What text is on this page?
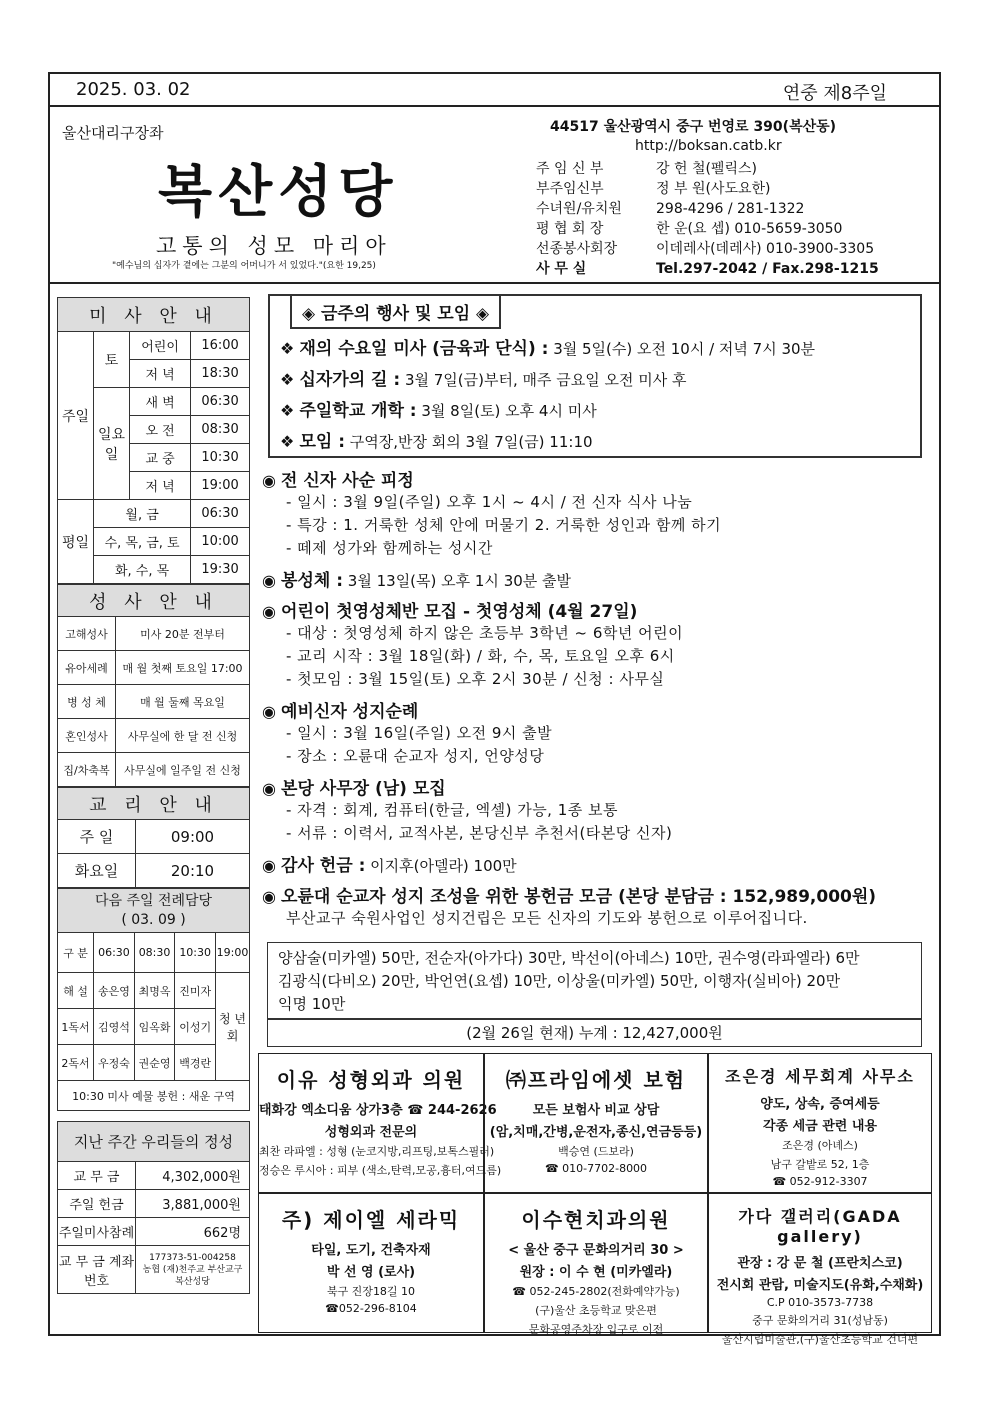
2025. 03. 02	연중 제8주일
울산대리구장좌
복산성당
고통의 성모 마리아
"예수님의 십자가 곁에는 그분의 어머니가 서 있었다."(요한 19,25)
44517 울산광역시 중구 번영로 390(복산동)
http://boksan.catb.kr
주 임 신 부	강 헌 철(펠릭스)
부주임신부	정 부 원(사도요한)
수녀원/유치원 298-4296 / 281-1322
평 협 회 장	한 운(요 셉) 010-5659-3050
선종봉사회장	이데레사(데레사) 010-3900-3305
사 무 실	Tel.297-2042 / Fax.298-1215
미 사 안 내			
주일	토	어린이	16:00
		저 녁	18:30
	일요일	새 벽	06:30
		오 전	08:30
		교 중	10:30
		저 녁	19:00
평일	월, 금		06:30
	수, 목, 금, 토		10:00
	화, 수, 목		19:30
성 사 안 내	
고해성사	미사 20분 전부터
유아세례	매 월 첫째 토요일 17:00
병 성 체	매 월 둘째 목요일
혼인성사	사무실에 한 달 전 신청
집/차축복	사무실에 일주일 전 신청
교 리 안 내	
주 일	09:00
화요일	20:10
다음 주일 전례담당
( 03. 09 )				

구 분	06:30	08:30	10:30	19:00
해 설	송은영	최명옥	진미자	청 년 회
1독서	김영석	임옥화	이성기	
2독서	우정숙	권순영	백경란	
10:30 미사 예물 봉헌 : 새운 구역				
지난 주간 우리들의 정성	
교 무 금	4,302,000원
주일 헌금	3,881,000원
주일미사참례	662명
교 무 금 계좌번호	177373-51-004258
농협 (재)천주교 부산교구
복산성당
◈ 금주의 행사 및 모임 ◈
❖ 재의 수요일 미사 (금육과 단식) : 3월 5일(수) 오전 10시 / 저녁 7시 30분
❖ 십자가의 길 : 3월 7일(금)부터, 매주 금요일 오전 미사 후
❖ 주일학교 개학 : 3월 8일(토) 오후 4시 미사
❖ 모임 : 구역장,반장 회의 3월 7일(금) 11:10
◉ 전 신자 사순 피정
- 일시 : 3월 9일(주일) 오후 1시 ~ 4시 / 전 신자 식사 나눔
- 특강 : 1. 거룩한 성체 안에 머물기 2. 거룩한 성인과 함께 하기
- 떼제 성가와 함께하는 성시간
◉ 봉성체 : 3월 13일(목) 오후 1시 30분 출발
◉ 어린이 첫영성체반 모집 - 첫영성체 (4월 27일)
- 대상 : 첫영성체 하지 않은 초등부 3학년 ~ 6학년 어린이
- 교리 시작 : 3월 18일(화) / 화, 수, 목, 토요일 오후 6시
- 첫모임 : 3월 15일(토) 오후 2시 30분 / 신청 : 사무실
◉ 예비신자 성지순례
- 일시 : 3월 16일(주일) 오전 9시 출발
- 장소 : 오륜대 순교자 성지, 언양성당
◉ 본당 사무장 (남) 모집
- 자격 : 회계, 컴퓨터(한글, 엑셀) 가능, 1종 보통
- 서류 : 이력서, 교적사본, 본당신부 추천서(타본당 신자)
◉ 감사 헌금 : 이지후(아델라) 100만
◉ 오륜대 순교자 성지 조성을 위한 봉헌금 모금 (본당 분담금 : 152,989,000원)
부산교구 숙원사업인 성지건립은 모든 신자의 기도와 봉헌으로 이루어집니다.
양삼술(미카엘) 50만, 전순자(아가다) 30만, 박선이(아네스) 10만, 권수영(라파엘라) 6만
김광식(다비오) 20만, 박언연(요셉) 10만, 이상울(미카엘) 50만, 이행자(실비아) 20만
익명 10만
(2월 26일 현재) 누계 : 12,427,000원
이유 성형외과 의원
태화강 엑소디움 상가3층 ☎ 244-2626
성형외과 전문의
최찬 라파엘 : 성형 (눈코지방,리프팅,보톡스필러)
정승은 루시아 : 피부 (색소,탄력,모공,흉터,여드름)
㈜프라임에셋 보험
모든 보험사 비교 상담
(암,치매,간병,운전자,종신,연금등등)
백승연 (드보라)
☎ 010-7702-8000
조은경 세무회계 사무소
양도, 상속, 증여세등
각종 세금 관련 내용
조은경 (아녜스)
남구 갈밭로 52, 1층
☎ 052-912-3307
주) 제이엘 세라믹
타일, 도기, 건축자재
박 선 영 (로사)
북구 진장18길 10
☎052-296-8104
이수현치과의원
< 울산 중구 문화의거리 30 >
원장 : 이 수 현 (미카엘라)
☎ 052-245-2802(전화예약가능)
(구)울산 초등학교 맞은편
문화공영주차장 입구로 이전
가다 갤러리(GADA gallery)
관장 : 강 문 철 (프란치스코)
전시회 관람, 미술지도(유화,수채화)
C.P 010-3573-7738
중구 문화의거리 31(성남동)
울산시립미술관,(구)울산초등학교 건너편
